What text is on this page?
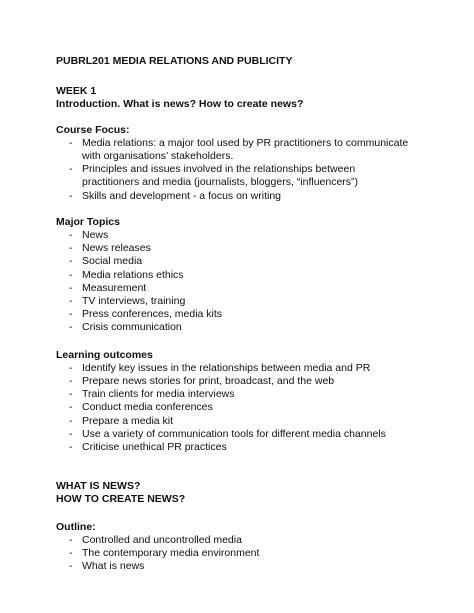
PUBRL201 MEDIA RELATIONS AND PUBLICITY
WEEK 1
Introduction. What is news? How to create news?
Course Focus:
- Media relations: a major tool used by PR practitioners to communicate
with organisations’ stakeholders.
- Principles and issues involved in the relationships between
practitioners and media (journalists, bloggers, “influencers”)
- Skills and development - a focus on writing
Major Topics
- News
- News releases
- Social media
- Media relations ethics
- Measurement
- TV interviews, training
- Press conferences, media kits
- Crisis communication
Learning outcomes
- Identify key issues in the relationships between media and PR
- Prepare news stories for print, broadcast, and the web
- Train clients for media interviews
- Conduct media conferences
- Prepare a media kit
- Use a variety of communication tools for different media channels
- Criticise unethical PR practices
WHAT IS NEWS?
HOW TO CREATE NEWS?
Outline:
- Controlled and uncontrolled media
- The contemporary media environment
- What is news
